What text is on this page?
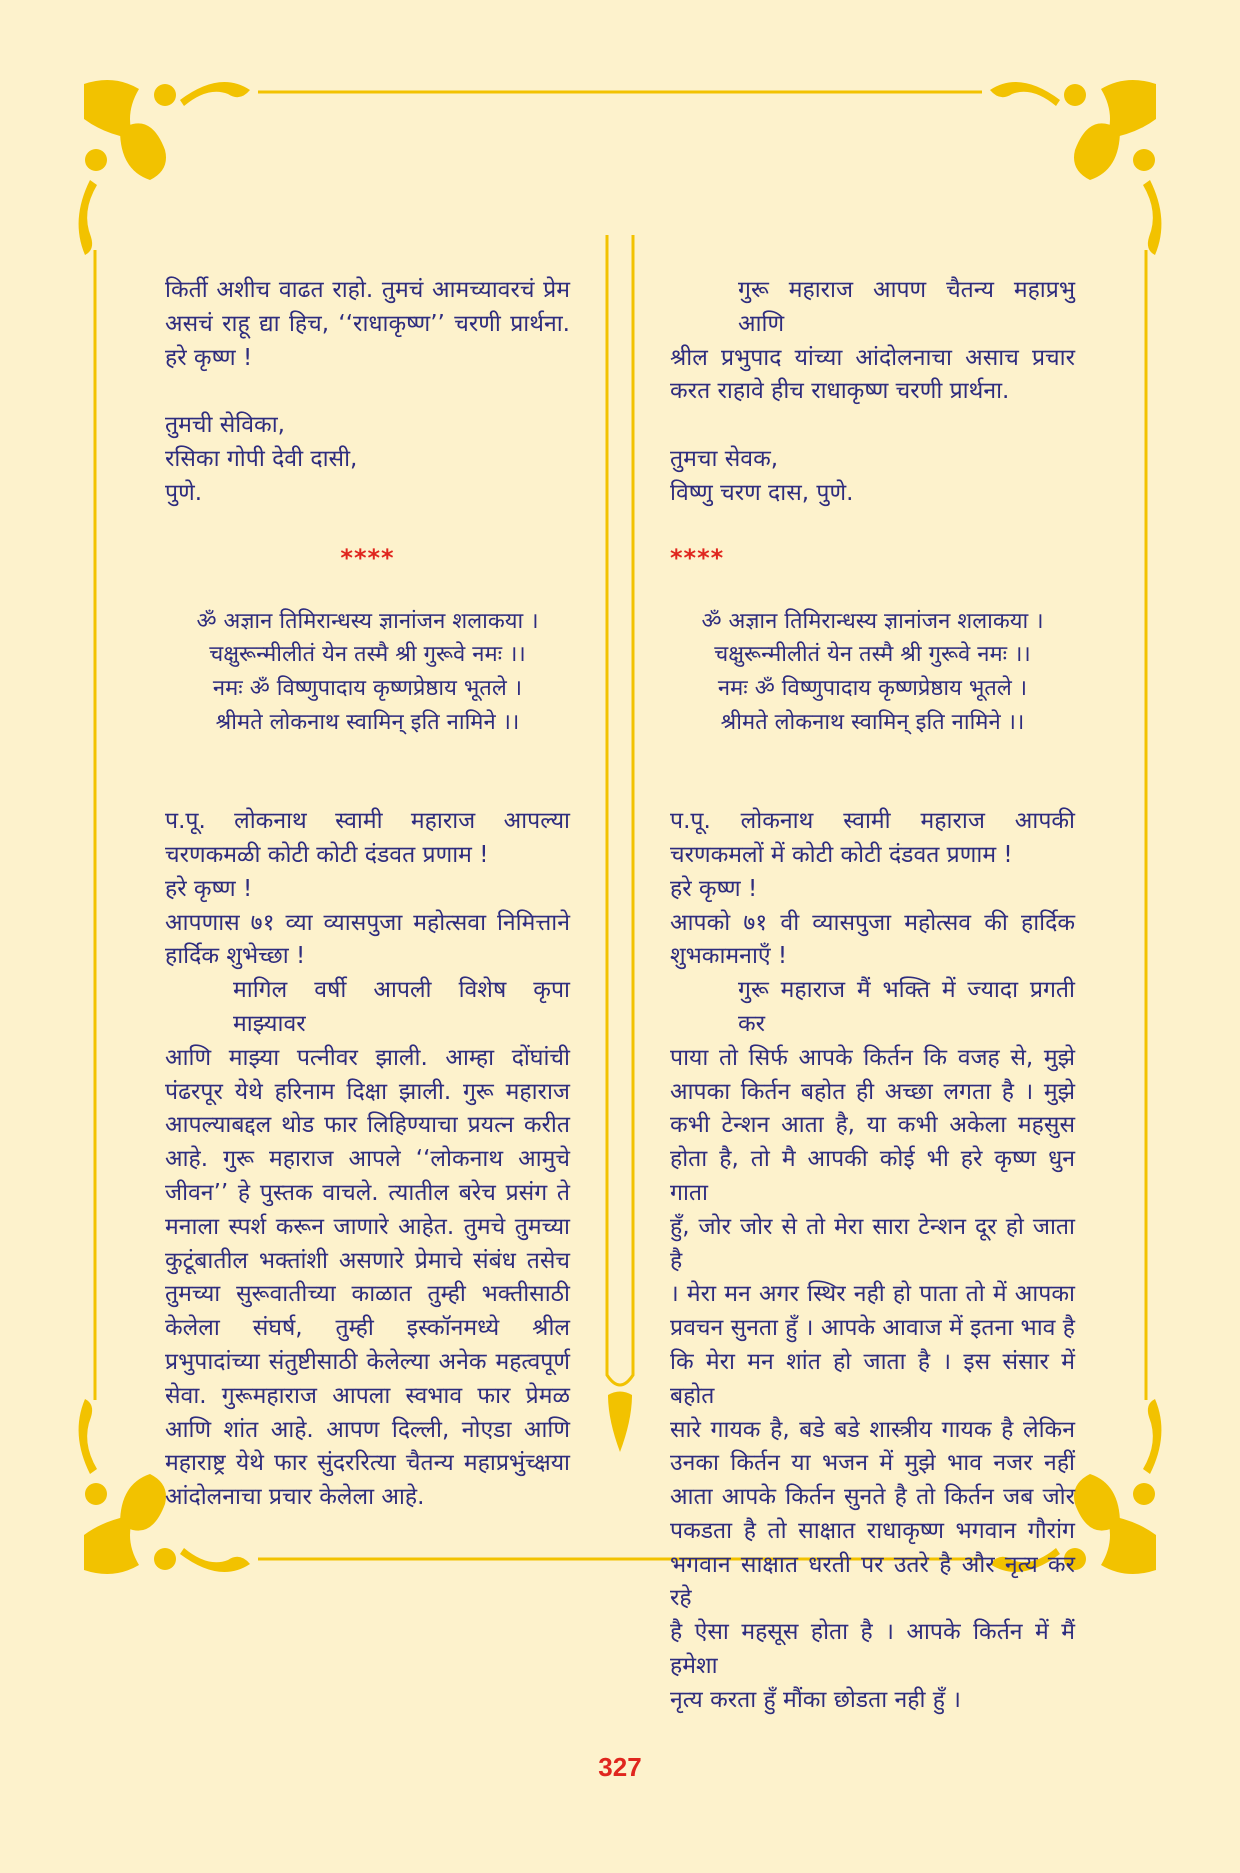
किर्ती अशीच वाढत राहो. तुमचं आमच्यावरचं प्रेम
असचं राहू द्या हिच, ‘‘राधाकृष्ण’’ चरणी प्रार्थना.
हरे कृष्ण !
तुमची सेविका,
रसिका गोपी देवी दासी,
पुणे.
****
ॐ अज्ञान तिमिरान्धस्य ज्ञानांजन शलाकया ।
चक्षुरून्मीलीतं येन तस्मै श्री गुरूवे नमः ।।
नमः ॐ विष्णुपादाय कृष्णप्रेष्ठाय भूतले ।
श्रीमते लोकनाथ स्वामिन् इति नामिने ।।
प.पू. लोकनाथ स्वामी महाराज आपल्या
चरणकमळी कोटी कोटी दंडवत प्रणाम !
हरे कृष्ण !
आपणास ७१ व्या व्यासपुजा महोत्सवा निमित्ताने
हार्दिक शुभेच्छा !
मागिल वर्षी आपली विशेष कृपा माझ्यावर
आणि माझ्या पत्नीवर झाली. आम्हा दोंघांची
पंढरपूर येथे हरिनाम दिक्षा झाली. गुरू महाराज
आपल्याबद्दल थोड फार लिहिण्याचा प्रयत्न करीत
आहे. गुरू महाराज आपले ‘‘लोकनाथ आमुचे
जीवन’’ हे पुस्तक वाचले. त्यातील बरेच प्रसंग ते
मनाला स्पर्श करून जाणारे आहेत. तुमचे तुमच्या
कुटूंबातील भक्तांशी असणारे प्रेमाचे संबंध तसेच
तुमच्या सुरूवातीच्या काळात तुम्ही भक्तीसाठी
केलेला संघर्ष, तुम्ही इस्कॉनमध्ये श्रील
प्रभुपादांच्या संतुष्टीसाठी केलेल्या अनेक महत्वपूर्ण
सेवा. गुरूमहाराज आपला स्वभाव फार प्रेमळ
आणि शांत आहे. आपण दिल्ली, नोएडा आणि
महाराष्ट्र येथे फार सुंदररित्या चैतन्य महाप्रभुंच्क्षया
आंदोलनाचा प्रचार केलेला आहे.
गुरू महाराज आपण चैतन्य महाप्रभु आणि
श्रील प्रभुपाद यांच्या आंदोलनाचा असाच प्रचार
करत राहावे हीच राधाकृष्ण चरणी प्रार्थना.
तुमचा सेवक,
विष्णु चरण दास, पुणे.
****
ॐ अज्ञान तिमिरान्धस्य ज्ञानांजन शलाकया ।
चक्षुरून्मीलीतं येन तस्मै श्री गुरूवे नमः ।।
नमः ॐ विष्णुपादाय कृष्णप्रेष्ठाय भूतले ।
श्रीमते लोकनाथ स्वामिन् इति नामिने ।।
प.पू. लोकनाथ स्वामी महाराज आपकी
चरणकमलों में कोटी कोटी दंडवत प्रणाम !
हरे कृष्ण !
आपको ७१ वी व्यासपुजा महोत्सव की हार्दिक
शुभकामनाएँ !
गुरू महाराज मैं भक्ति में ज्यादा प्रगती कर
पाया तो सिर्फ आपके किर्तन कि वजह से, मुझे
आपका किर्तन बहोत ही अच्छा लगता है । मुझे
कभी टेन्शन आता है, या कभी अकेला महसुस
होता है, तो मै आपकी कोई भी हरे कृष्ण धुन गाता
हुँ, जोर जोर से तो मेरा सारा टेन्शन दूर हो जाता है
। मेरा मन अगर स्थिर नही हो पाता तो में आपका
प्रवचन सुनता हुँ । आपके आवाज में इतना भाव है
कि मेरा मन शांत हो जाता है । इस संसार में बहोत
सारे गायक है, बडे बडे शास्त्रीय गायक है लेकिन
उनका किर्तन या भजन में मुझे भाव नजर नहीं
आता आपके किर्तन सुनते है तो किर्तन जब जोर
पकडता है तो साक्षात राधाकृष्ण भगवान गौरांग
भगवान साक्षात धरती पर उतरे है और नृत्य कर रहे
है ऐसा महसूस होता है । आपके किर्तन में मैं हमेशा
नृत्य करता हुँ मौंका छोडता नही हुँ ।
327
